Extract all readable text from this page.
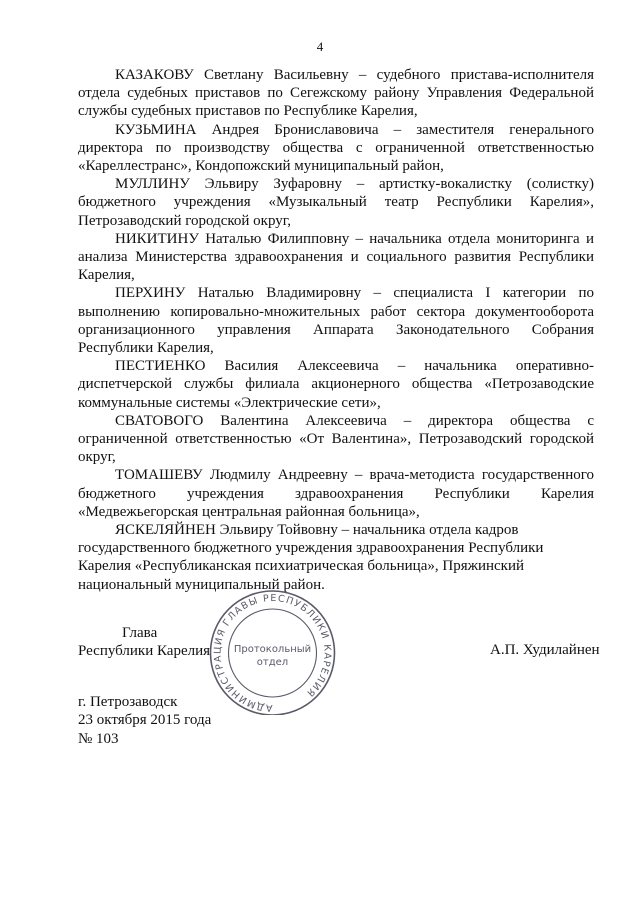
4

КАЗАКОВУ Светлану Васильевну – судебного пристава-исполнителя отдела судебных приставов по Сегежскому району Управления Федеральной службы судебных приставов по Республике Карелия,

КУЗЬМИНА Андрея Брониславовича – заместителя генерального директора по производству общества с ограниченной ответственностью «Кареллестранс», Кондопожский муниципальный район,

МУЛЛИНУ Эльвиру Зуфаровну – артистку-вокалистку (солистку) бюджетного учреждения «Музыкальный театр Республики Карелия», Петрозаводский городской округ,

НИКИТИНУ Наталью Филипповну – начальника отдела мониторинга и анализа Министерства здравоохранения и социального развития Республики Карелия,

ПЕРХИНУ Наталью Владимировну – специалиста I категории по выполнению копировально-множительных работ сектора документооборота организационного управления Аппарата Законодательного Собрания Республики Карелия,

ПЕСТИЕНКО Василия Алексеевича – начальника оперативно-диспетчерской службы филиала акционерного общества «Петрозаводские коммунальные системы «Электрические сети»,

СВАТОВОГО Валентина Алексеевича – директора общества с ограниченной ответственностью «От Валентина», Петрозаводский городской округ,

ТОМАШЕВУ Людмилу Андреевну – врача-методиста государственного бюджетного учреждения здравоохранения Республики Карелия «Медвежьегорская центральная районная больница»,

ЯСКЕЛЯЙНЕН Эльвиру Тойвовну – начальника отдела кадров государственного бюджетного учреждения здравоохранения Республики Карелия «Республиканская психиатрическая больница», Пряжинский национальный муниципальный район.

Глава
Республики Карелия	А.П. Худилайнен
АДМИНИСТРАЦИЯ ГЛАВЫ РЕСПУБЛИКИ КАРЕЛИЯ
Протокольный
отдел
г. Петрозаводск
23 октября 2015 года
№ 103
